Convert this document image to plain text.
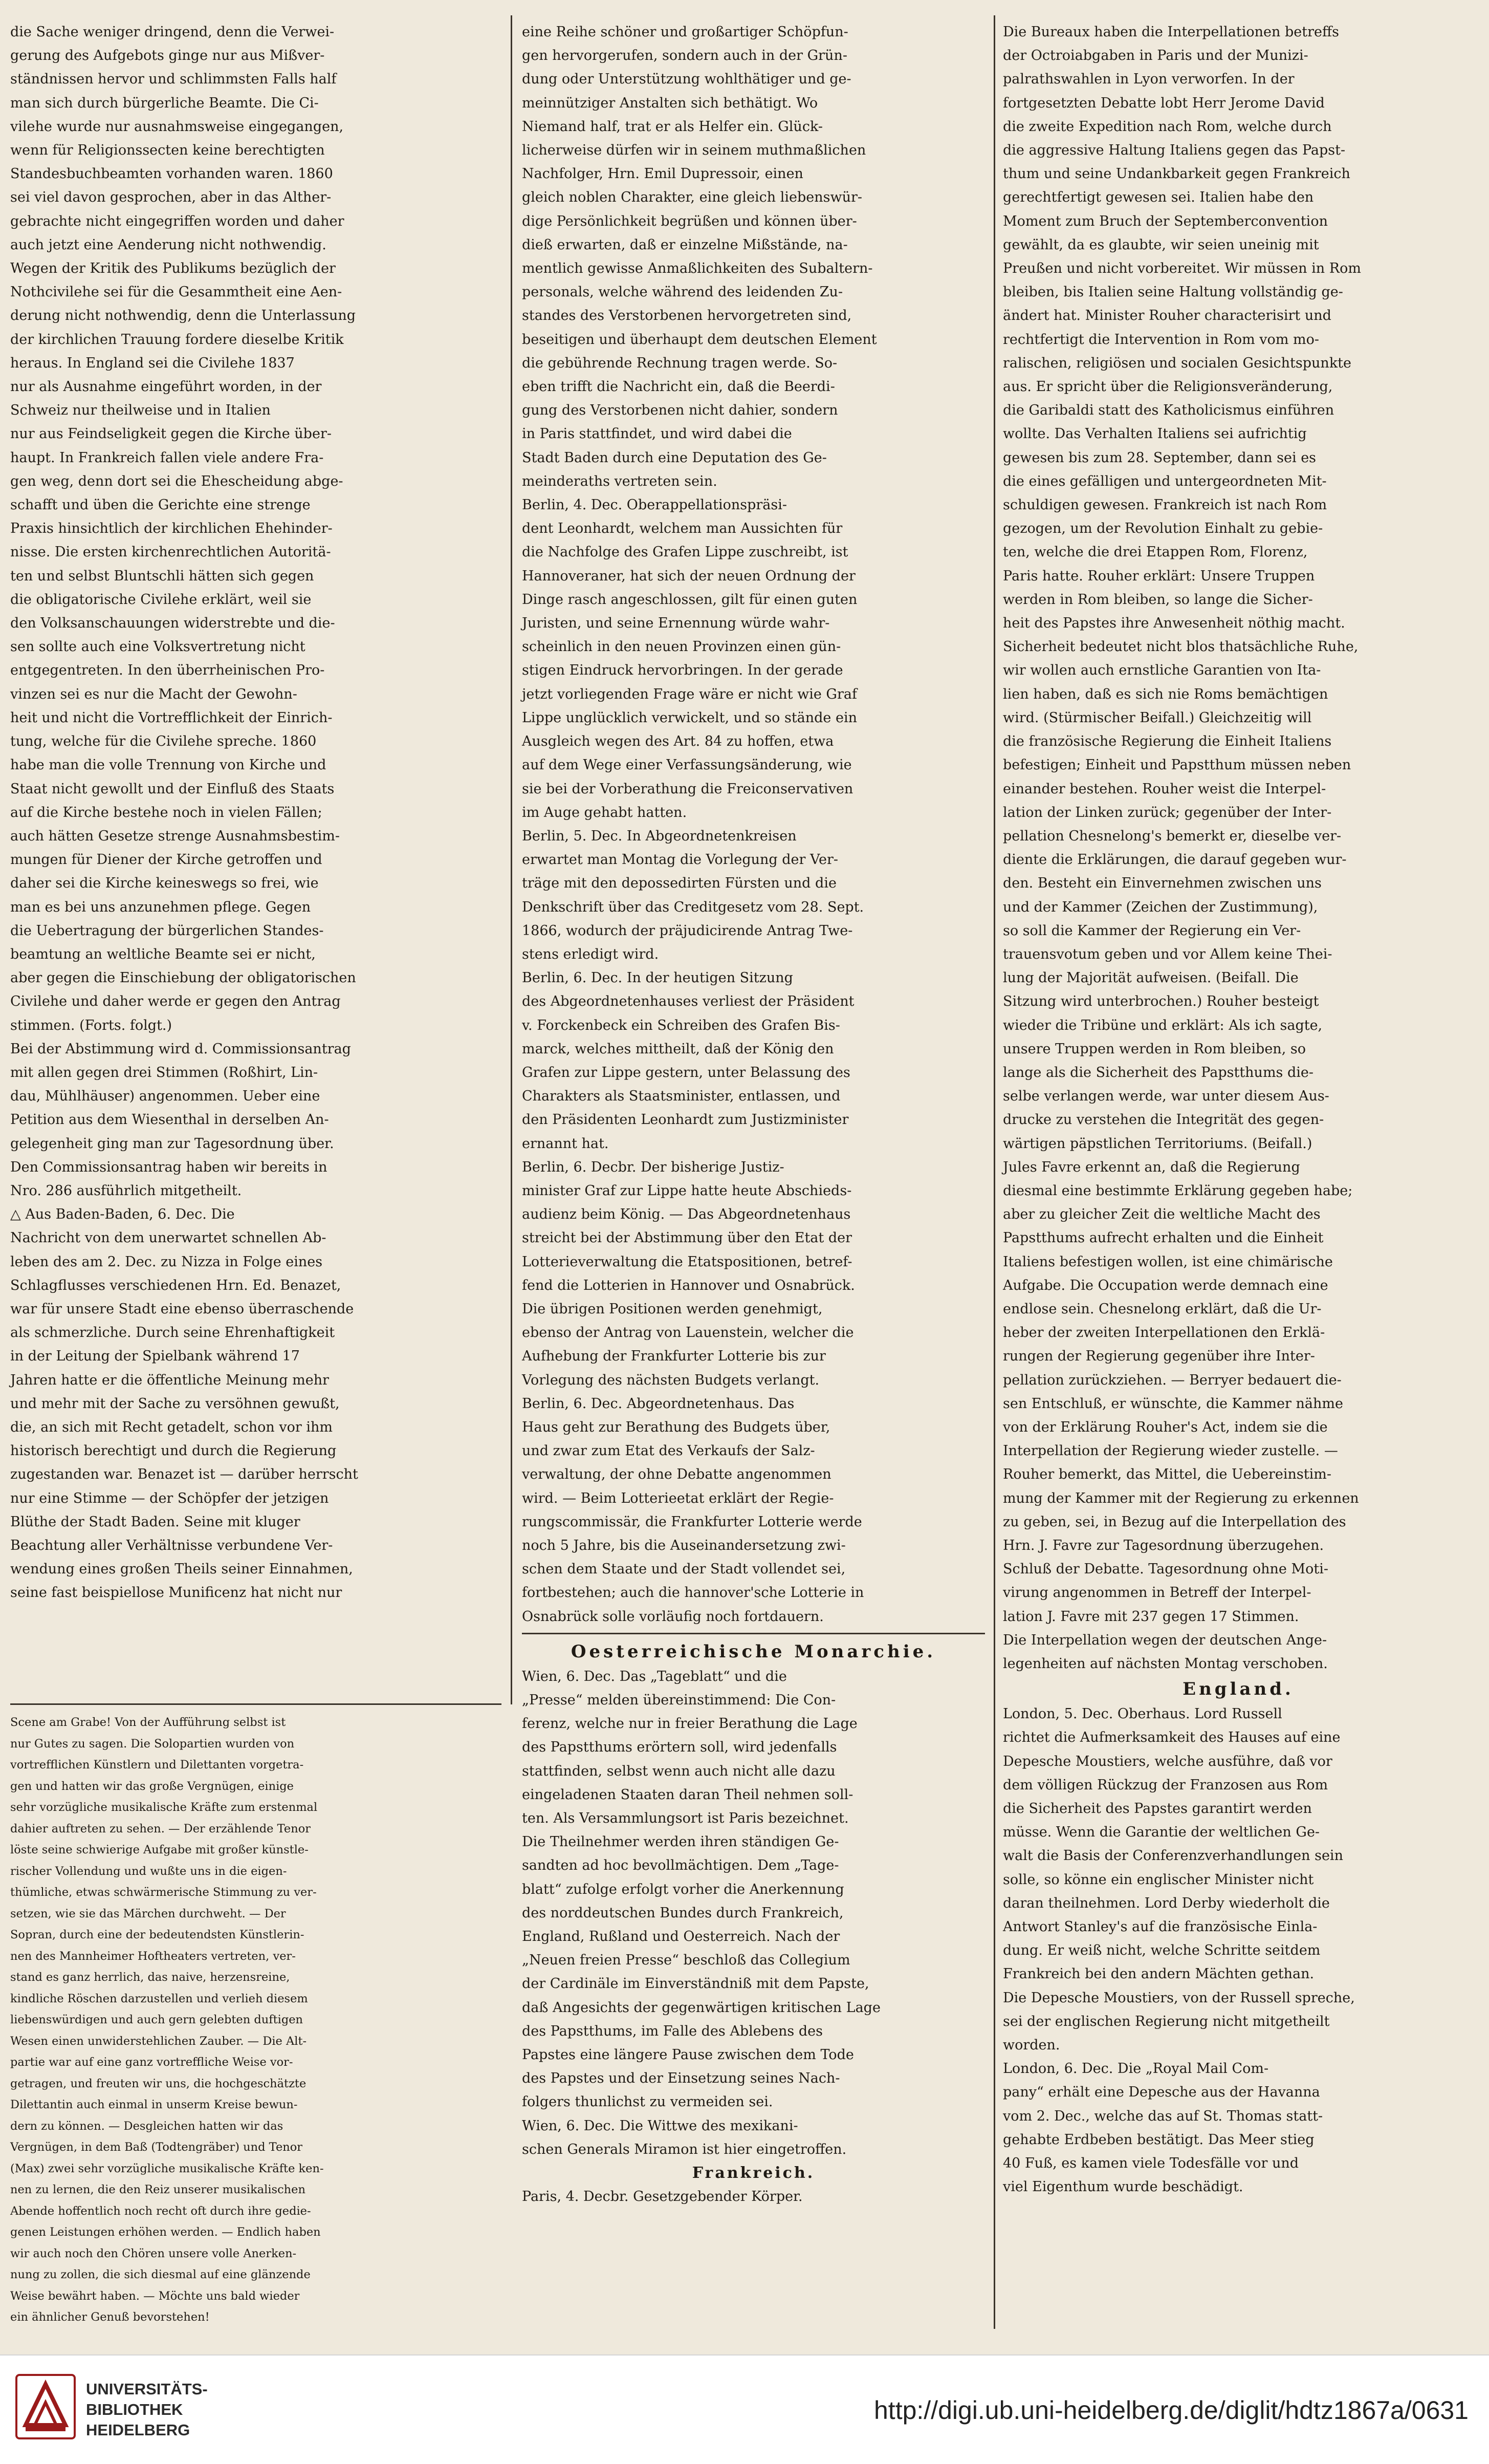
die Sache weniger dringend, denn die Verwei-

gerung des Aufgebots ginge nur aus Mißver-

ständnissen hervor und schlimmsten Falls half

man sich durch bürgerliche Beamte. Die Ci-

vilehe wurde nur ausnahmsweise eingegangen,

wenn für Religionssecten keine berechtigten

Standesbuchbeamten vorhanden waren. 1860

sei viel davon gesprochen, aber in das Alther-

gebrachte nicht eingegriffen worden und daher

auch jetzt eine Aenderung nicht nothwendig.

Wegen der Kritik des Publikums bezüglich der

Nothcivilehe sei für die Gesammtheit eine Aen-

derung nicht nothwendig, denn die Unterlassung

der kirchlichen Trauung fordere dieselbe Kritik

heraus. In England sei die Civilehe 1837

nur als Ausnahme eingeführt worden, in der

Schweiz nur theilweise und in Italien

nur aus Feindseligkeit gegen die Kirche über-

haupt. In Frankreich fallen viele andere Fra-

gen weg, denn dort sei die Ehescheidung abge-

schafft und üben die Gerichte eine strenge

Praxis hinsichtlich der kirchlichen Ehehinder-

nisse. Die ersten kirchenrechtlichen Autoritä-

ten und selbst Bluntschli hätten sich gegen

die obligatorische Civilehe erklärt, weil sie

den Volksanschauungen widerstrebte und die-

sen sollte auch eine Volksvertretung nicht

entgegentreten. In den überrheinischen Pro-

vinzen sei es nur die Macht der Gewohn-

heit und nicht die Vortrefflichkeit der Einrich-

tung, welche für die Civilehe spreche. 1860

habe man die volle Trennung von Kirche und

Staat nicht gewollt und der Einfluß des Staats

auf die Kirche bestehe noch in vielen Fällen;

auch hätten Gesetze strenge Ausnahmsbestim-

mungen für Diener der Kirche getroffen und

daher sei die Kirche keineswegs so frei, wie

man es bei uns anzunehmen pflege. Gegen

die Uebertragung der bürgerlichen Standes-

beamtung an weltliche Beamte sei er nicht,

aber gegen die Einschiebung der obligatorischen

Civilehe und daher werde er gegen den Antrag

stimmen. (Forts. folgt.)

Bei der Abstimmung wird d. Commissionsantrag

mit allen gegen drei Stimmen (Roßhirt, Lin-

dau, Mühlhäuser) angenommen. Ueber eine

Petition aus dem Wiesenthal in derselben An-

gelegenheit ging man zur Tagesordnung über.

Den Commissionsantrag haben wir bereits in

Nro. 286 ausführlich mitgetheilt.

△ Aus Baden-Baden, 6. Dec. Die

Nachricht von dem unerwartet schnellen Ab-

leben des am 2. Dec. zu Nizza in Folge eines

Schlagflusses verschiedenen Hrn. Ed. Benazet,

war für unsere Stadt eine ebenso überraschende

als schmerzliche. Durch seine Ehrenhaftigkeit

in der Leitung der Spielbank während 17

Jahren hatte er die öffentliche Meinung mehr

und mehr mit der Sache zu versöhnen gewußt,

die, an sich mit Recht getadelt, schon vor ihm

historisch berechtigt und durch die Regierung

zugestanden war. Benazet ist — darüber herrscht

nur eine Stimme — der Schöpfer der jetzigen

Blüthe der Stadt Baden. Seine mit kluger

Beachtung aller Verhältnisse verbundene Ver-

wendung eines großen Theils seiner Einnahmen,

seine fast beispiellose Munificenz hat nicht nur

Scene am Grabe! Von der Aufführung selbst ist

nur Gutes zu sagen. Die Solopartien wurden von

vortrefflichen Künstlern und Dilettanten vorgetra-

gen und hatten wir das große Vergnügen, einige

sehr vorzügliche musikalische Kräfte zum erstenmal

dahier auftreten zu sehen. — Der erzählende Tenor

löste seine schwierige Aufgabe mit großer künstle-

rischer Vollendung und wußte uns in die eigen-

thümliche, etwas schwärmerische Stimmung zu ver-

setzen, wie sie das Märchen durchweht. — Der

Sopran, durch eine der bedeutendsten Künstlerin-

nen des Mannheimer Hoftheaters vertreten, ver-

stand es ganz herrlich, das naive, herzensreine,

kindliche Röschen darzustellen und verlieh diesem

liebenswürdigen und auch gern gelebten duftigen

Wesen einen unwiderstehlichen Zauber. — Die Alt-

partie war auf eine ganz vortreffliche Weise vor-

getragen, und freuten wir uns, die hochgeschätzte

Dilettantin auch einmal in unserm Kreise bewun-

dern zu können. — Desgleichen hatten wir das

Vergnügen, in dem Baß (Todtengräber) und Tenor

(Max) zwei sehr vorzügliche musikalische Kräfte ken-

nen zu lernen, die den Reiz unserer musikalischen

Abende hoffentlich noch recht oft durch ihre gedie-

genen Leistungen erhöhen werden. — Endlich haben

wir auch noch den Chören unsere volle Anerken-

nung zu zollen, die sich diesmal auf eine glänzende

Weise bewährt haben. — Möchte uns bald wieder

ein ähnlicher Genuß bevorstehen!

eine Reihe schöner und großartiger Schöpfun-

gen hervorgerufen, sondern auch in der Grün-

dung oder Unterstützung wohlthätiger und ge-

meinnütziger Anstalten sich bethätigt. Wo

Niemand half, trat er als Helfer ein. Glück-

licherweise dürfen wir in seinem muthmaßlichen

Nachfolger, Hrn. Emil Dupressoir, einen

gleich noblen Charakter, eine gleich liebenswür-

dige Persönlichkeit begrüßen und können über-

dieß erwarten, daß er einzelne Mißstände, na-

mentlich gewisse Anmaßlichkeiten des Subaltern-

personals, welche während des leidenden Zu-

standes des Verstorbenen hervorgetreten sind,

beseitigen und überhaupt dem deutschen Element

die gebührende Rechnung tragen werde. So-

eben trifft die Nachricht ein, daß die Beerdi-

gung des Verstorbenen nicht dahier, sondern

in Paris stattfindet, und wird dabei die

Stadt Baden durch eine Deputation des Ge-

meinderaths vertreten sein.

Berlin, 4. Dec. Oberappellationspräsi-

dent Leonhardt, welchem man Aussichten für

die Nachfolge des Grafen Lippe zuschreibt, ist

Hannoveraner, hat sich der neuen Ordnung der

Dinge rasch angeschlossen, gilt für einen guten

Juristen, und seine Ernennung würde wahr-

scheinlich in den neuen Provinzen einen gün-

stigen Eindruck hervorbringen. In der gerade

jetzt vorliegenden Frage wäre er nicht wie Graf

Lippe unglücklich verwickelt, und so stände ein

Ausgleich wegen des Art. 84 zu hoffen, etwa

auf dem Wege einer Verfassungsänderung, wie

sie bei der Vorberathung die Freiconservativen

im Auge gehabt hatten.

Berlin, 5. Dec. In Abgeordnetenkreisen

erwartet man Montag die Vorlegung der Ver-

träge mit den depossedirten Fürsten und die

Denkschrift über das Creditgesetz vom 28. Sept.

1866, wodurch der präjudicirende Antrag Twe-

stens erledigt wird.

Berlin, 6. Dec. In der heutigen Sitzung

des Abgeordnetenhauses verliest der Präsident

v. Forckenbeck ein Schreiben des Grafen Bis-

marck, welches mittheilt, daß der König den

Grafen zur Lippe gestern, unter Belassung des

Charakters als Staatsminister, entlassen, und

den Präsidenten Leonhardt zum Justizminister

ernannt hat.

Berlin, 6. Decbr. Der bisherige Justiz-

minister Graf zur Lippe hatte heute Abschieds-

audienz beim König. — Das Abgeordnetenhaus

streicht bei der Abstimmung über den Etat der

Lotterieverwaltung die Etatspositionen, betref-

fend die Lotterien in Hannover und Osnabrück.

Die übrigen Positionen werden genehmigt,

ebenso der Antrag von Lauenstein, welcher die

Aufhebung der Frankfurter Lotterie bis zur

Vorlegung des nächsten Budgets verlangt.

Berlin, 6. Dec. Abgeordnetenhaus. Das

Haus geht zur Berathung des Budgets über,

und zwar zum Etat des Verkaufs der Salz-

verwaltung, der ohne Debatte angenommen

wird. — Beim Lotterieetat erklärt der Regie-

rungscommissär, die Frankfurter Lotterie werde

noch 5 Jahre, bis die Auseinandersetzung zwi-

schen dem Staate und der Stadt vollendet sei,

fortbestehen; auch die hannover'sche Lotterie in

Osnabrück solle vorläufig noch fortdauern.

Oesterreichische Monarchie.

Wien, 6. Dec. Das „Tageblatt“ und die

„Presse“ melden übereinstimmend: Die Con-

ferenz, welche nur in freier Berathung die Lage

des Papstthums erörtern soll, wird jedenfalls

stattfinden, selbst wenn auch nicht alle dazu

eingeladenen Staaten daran Theil nehmen soll-

ten. Als Versammlungsort ist Paris bezeichnet.

Die Theilnehmer werden ihren ständigen Ge-

sandten ad hoc bevollmächtigen. Dem „Tage-

blatt“ zufolge erfolgt vorher die Anerkennung

des norddeutschen Bundes durch Frankreich,

England, Rußland und Oesterreich. Nach der

„Neuen freien Presse“ beschloß das Collegium

der Cardinäle im Einverständniß mit dem Papste,

daß Angesichts der gegenwärtigen kritischen Lage

des Papstthums, im Falle des Ablebens des

Papstes eine längere Pause zwischen dem Tode

des Papstes und der Einsetzung seines Nach-

folgers thunlichst zu vermeiden sei.

Wien, 6. Dec. Die Wittwe des mexikani-

schen Generals Miramon ist hier eingetroffen.

Frankreich.

Paris, 4. Decbr. Gesetzgebender Körper.

Die Bureaux haben die Interpellationen betreffs

der Octroiabgaben in Paris und der Munizi-

palrathswahlen in Lyon verworfen. In der

fortgesetzten Debatte lobt Herr Jerome David

die zweite Expedition nach Rom, welche durch

die aggressive Haltung Italiens gegen das Papst-

thum und seine Undankbarkeit gegen Frankreich

gerechtfertigt gewesen sei. Italien habe den

Moment zum Bruch der Septemberconvention

gewählt, da es glaubte, wir seien uneinig mit

Preußen und nicht vorbereitet. Wir müssen in Rom

bleiben, bis Italien seine Haltung vollständig ge-

ändert hat. Minister Rouher characterisirt und

rechtfertigt die Intervention in Rom vom mo-

ralischen, religiösen und socialen Gesichtspunkte

aus. Er spricht über die Religionsveränderung,

die Garibaldi statt des Katholicismus einführen

wollte. Das Verhalten Italiens sei aufrichtig

gewesen bis zum 28. September, dann sei es

die eines gefälligen und untergeordneten Mit-

schuldigen gewesen. Frankreich ist nach Rom

gezogen, um der Revolution Einhalt zu gebie-

ten, welche die drei Etappen Rom, Florenz,

Paris hatte. Rouher erklärt: Unsere Truppen

werden in Rom bleiben, so lange die Sicher-

heit des Papstes ihre Anwesenheit nöthig macht.

Sicherheit bedeutet nicht blos thatsächliche Ruhe,

wir wollen auch ernstliche Garantien von Ita-

lien haben, daß es sich nie Roms bemächtigen

wird. (Stürmischer Beifall.) Gleichzeitig will

die französische Regierung die Einheit Italiens

befestigen; Einheit und Papstthum müssen neben

einander bestehen. Rouher weist die Interpel-

lation der Linken zurück; gegenüber der Inter-

pellation Chesnelong's bemerkt er, dieselbe ver-

diente die Erklärungen, die darauf gegeben wur-

den. Besteht ein Einvernehmen zwischen uns

und der Kammer (Zeichen der Zustimmung),

so soll die Kammer der Regierung ein Ver-

trauensvotum geben und vor Allem keine Thei-

lung der Majorität aufweisen. (Beifall. Die

Sitzung wird unterbrochen.) Rouher besteigt

wieder die Tribüne und erklärt: Als ich sagte,

unsere Truppen werden in Rom bleiben, so

lange als die Sicherheit des Papstthums die-

selbe verlangen werde, war unter diesem Aus-

drucke zu verstehen die Integrität des gegen-

wärtigen päpstlichen Territoriums. (Beifall.)

Jules Favre erkennt an, daß die Regierung

diesmal eine bestimmte Erklärung gegeben habe;

aber zu gleicher Zeit die weltliche Macht des

Papstthums aufrecht erhalten und die Einheit

Italiens befestigen wollen, ist eine chimärische

Aufgabe. Die Occupation werde demnach eine

endlose sein. Chesnelong erklärt, daß die Ur-

heber der zweiten Interpellationen den Erklä-

rungen der Regierung gegenüber ihre Inter-

pellation zurückziehen. — Berryer bedauert die-

sen Entschluß, er wünschte, die Kammer nähme

von der Erklärung Rouher's Act, indem sie die

Interpellation der Regierung wieder zustelle. —

Rouher bemerkt, das Mittel, die Uebereinstim-

mung der Kammer mit der Regierung zu erkennen

zu geben, sei, in Bezug auf die Interpellation des

Hrn. J. Favre zur Tagesordnung überzugehen.

Schluß der Debatte. Tagesordnung ohne Moti-

virung angenommen in Betreff der Interpel-

lation J. Favre mit 237 gegen 17 Stimmen.

Die Interpellation wegen der deutschen Ange-

legenheiten auf nächsten Montag verschoben.

England.

London, 5. Dec. Oberhaus. Lord Russell

richtet die Aufmerksamkeit des Hauses auf eine

Depesche Moustiers, welche ausführe, daß vor

dem völligen Rückzug der Franzosen aus Rom

die Sicherheit des Papstes garantirt werden

müsse. Wenn die Garantie der weltlichen Ge-

walt die Basis der Conferenzverhandlungen sein

solle, so könne ein englischer Minister nicht

daran theilnehmen. Lord Derby wiederholt die

Antwort Stanley's auf die französische Einla-

dung. Er weiß nicht, welche Schritte seitdem

Frankreich bei den andern Mächten gethan.

Die Depesche Moustiers, von der Russell spreche,

sei der englischen Regierung nicht mitgetheilt

worden.

London, 6. Dec. Die „Royal Mail Com-

pany“ erhält eine Depesche aus der Havanna

vom 2. Dec., welche das auf St. Thomas statt-

gehabte Erdbeben bestätigt. Das Meer stieg

40 Fuß, es kamen viele Todesfälle vor und

viel Eigenthum wurde beschädigt.

UNIVERSITÄTS-
BIBLIOTHEK
HEIDELBERG
http://digi.ub.uni-heidelberg.de/diglit/hdtz1867a/0631
